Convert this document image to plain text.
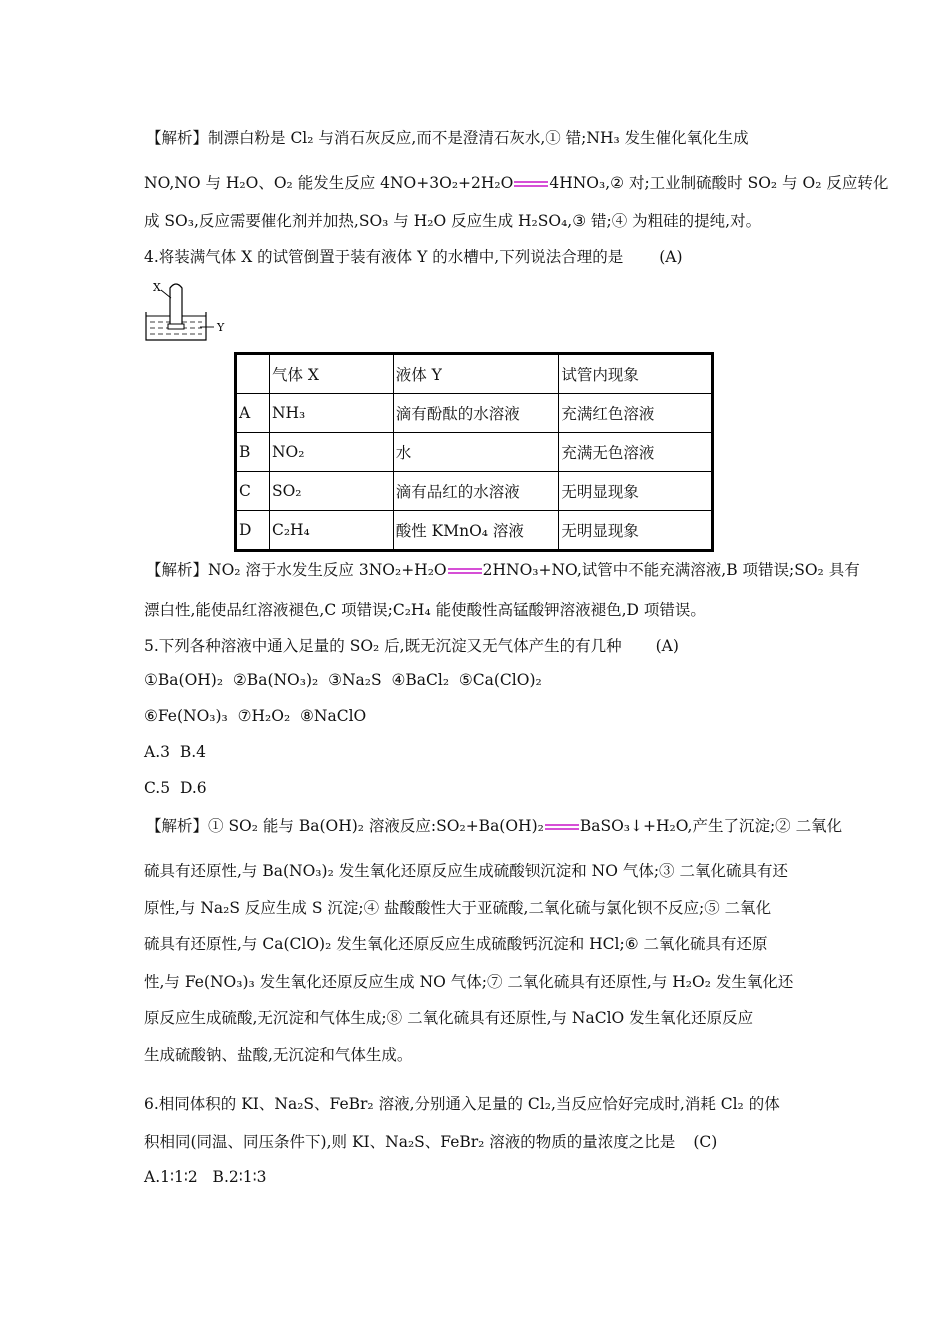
【解析】制漂白粉是 Cl₂ 与消石灰反应,而不是澄清石灰水,① 错;NH₃ 发生催化氧化生成
NO,NO 与 H₂O、O₂ 能发生反应 4NO+3O₂+2H₂O 4HNO₃,② 对;工业制硫酸时 SO₂ 与 O₂ 反应转化
成 SO₃,反应需要催化剂并加热,SO₃ 与 H₂O 反应生成 H₂SO₄,③ 错;④ 为粗硅的提纯,对。
4.将装满气体 X 的试管倒置于装有液体 Y 的水槽中,下列说法合理的是 (A)
X
Y
	气体 X	液体 Y	试管内现象
A	NH₃	滴有酚酞的水溶液	充满红色溶液
B	NO₂	水	充满无色溶液
C	SO₂	滴有品红的水溶液	无明显现象
D	C₂H₄	酸性 KMnO₄ 溶液	无明显现象
【解析】NO₂ 溶于水发生反应 3NO₂+H₂O 2HNO₃+NO,试管中不能充满溶液,B 项错误;SO₂ 具有
漂白性,能使品红溶液褪色,C 项错误;C₂H₄ 能使酸性高锰酸钾溶液褪色,D 项错误。
5.下列各种溶液中通入足量的 SO₂ 后,既无沉淀又无气体产生的有几种 (A)
①Ba(OH)₂  ②Ba(NO₃)₂  ③Na₂S  ④BaCl₂  ⑤Ca(ClO)₂
⑥Fe(NO₃)₃  ⑦H₂O₂  ⑧NaClO
A.3  B.4
C.5  D.6
【解析】① SO₂ 能与 Ba(OH)₂ 溶液反应:SO₂+Ba(OH)₂ BaSO₃↓+H₂O,产生了沉淀;② 二氧化
硫具有还原性,与 Ba(NO₃)₂ 发生氧化还原反应生成硫酸钡沉淀和 NO 气体;③ 二氧化硫具有还
原性,与 Na₂S 反应生成 S 沉淀;④ 盐酸酸性大于亚硫酸,二氧化硫与氯化钡不反应;⑤ 二氧化
硫具有还原性,与 Ca(ClO)₂ 发生氧化还原反应生成硫酸钙沉淀和 HCl;⑥ 二氧化硫具有还原
性,与 Fe(NO₃)₃ 发生氧化还原反应生成 NO 气体;⑦ 二氧化硫具有还原性,与 H₂O₂ 发生氧化还
原反应生成硫酸,无沉淀和气体生成;⑧ 二氧化硫具有还原性,与 NaClO 发生氧化还原反应
生成硫酸钠、盐酸,无沉淀和气体生成。
6.相同体积的 KI、Na₂S、FeBr₂ 溶液,分别通入足量的 Cl₂,当反应恰好完成时,消耗 Cl₂ 的体
积相同(同温、同压条件下),则 KI、Na₂S、FeBr₂ 溶液的物质的量浓度之比是 (C)
A.1∶1∶2   B.2∶1∶3
